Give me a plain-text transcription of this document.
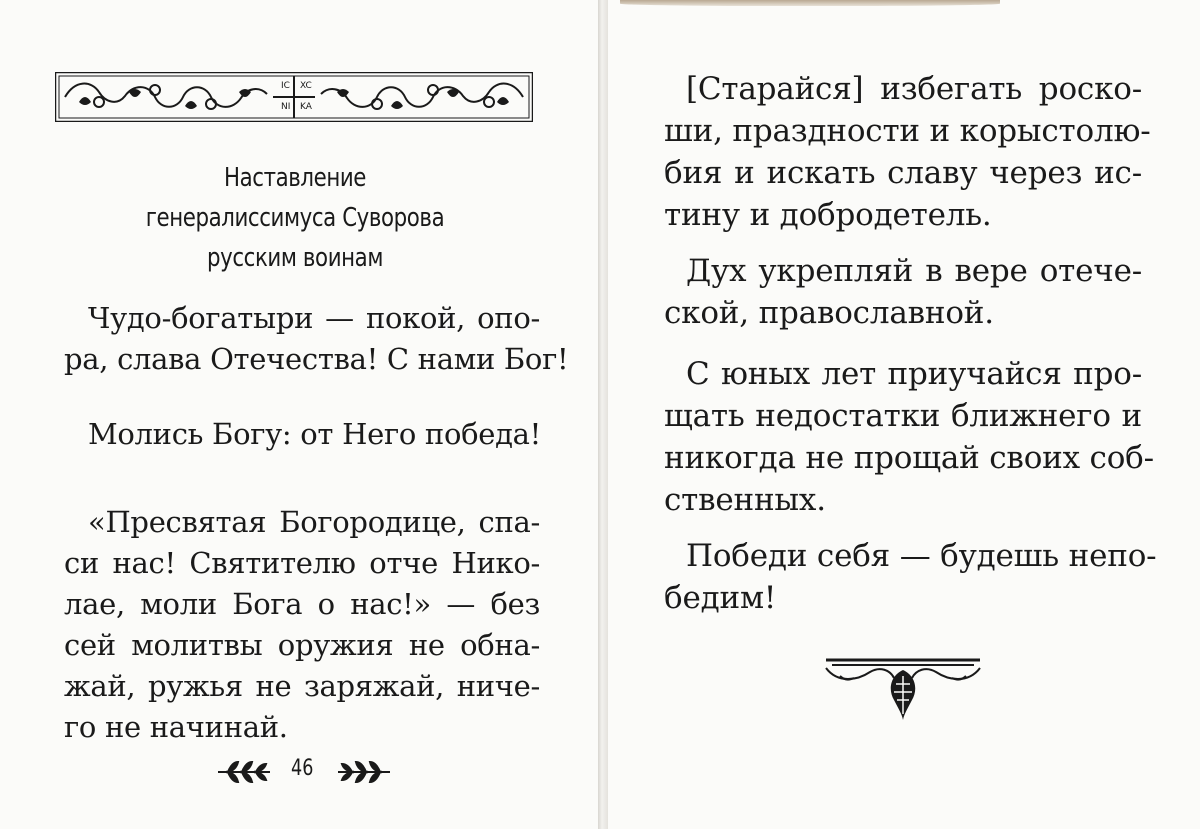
IC XC
NI KA
Наставление
генералиссимуса Суворова
русским воинам
Чудо-богатыри — покой, опо-
ра, слава Отечества! С нами Бог!
Молись Богу: от Него победа!
«Пресвятая Богородице, спа-
си нас! Святителю отче Нико-
лае, моли Бога о нас!» — без
сей молитвы оружия не обна-
жай, ружья не заряжай, ниче-
го не начинай.
46
[Старайся] избегать роско-
ши, праздности и корыстолю-
бия и искать славу через ис-
тину и добродетель.
Дух укрепляй в вере отече-
ской, православной.
С юных лет приучайся про-
щать недостатки ближнего и
никогда не прощай своих соб-
ственных.
Победи себя — будешь непо-
бедим!
